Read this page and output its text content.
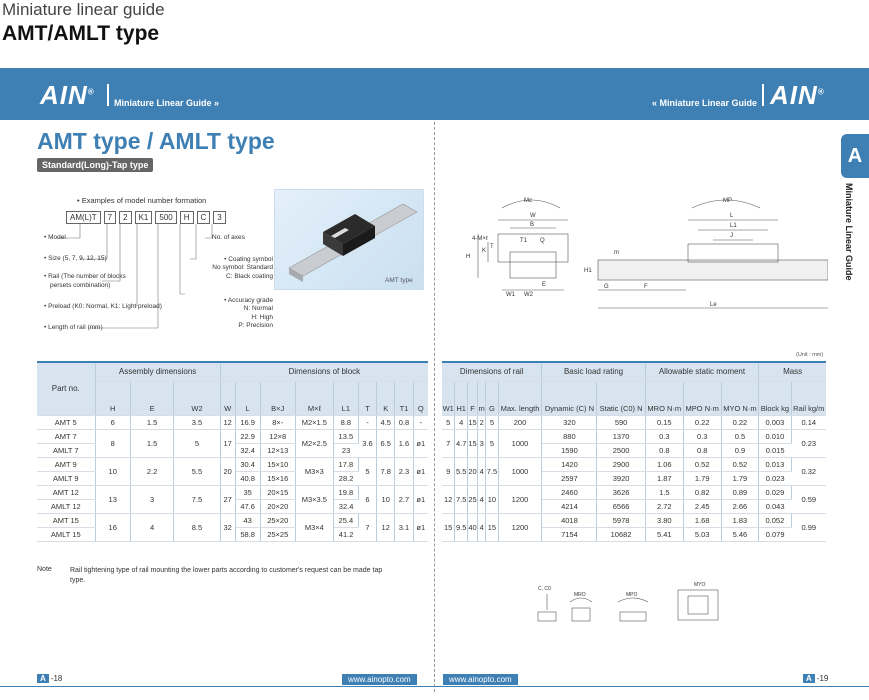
Miniature linear guide
AMT/AMLT type
AIN®
Miniature Linear Guide »	« Miniature Linear Guide AIN®
A
Miniature Linear Guide
AMT type / AMLT type
Standard(Long)-Tap type
• Examples of model number formation
AM(L)T	7	2	K1	500	H	C	3
• Model
• Size (5, 7, 9, 12, 15)
• Rail (The number of blocks
persets combination)
• Preload (K0: Normal, K1: Light preload)
• Length of rail (mm)
No. of axes
• Coating symbol
No symbol: Standard
C: Black coating
• Accuracy grade
N: Normal
H: High
P: Precision
AMT type
Mc	MP
W
B
T1 Q
4-M×ℓ
H
K
T
H1
W1 W2
E
L
L1
J
m
G	F
Le
(Unit : mm)
Part no.	Assembly dimensions			Dimensions of block								
	H	E	W2	W	L	B×J	M×ℓ	L1	T	K	T1	Q
AMT 5	6	1.5	3.5	12	16.9	8×-	M2×1.5	8.8	-	4.5	0.8	-
AMT 7	8	1.5	5	17	22.9	12×8	M2×2.5	13.5	3.6	6.5	1.6	ø1
AMLT 7					32.4	12×13		23				
AMT 9	10	2.2	5.5	20	30.4	15×10	M3×3	17.8	5	7.8	2.3	ø1
AMLT 9					40.8	15×16		28.2				
AMT 12	13	3	7.5	27	35	20×15	M3×3.5	19.8	6	10	2.7	ø1
AMLT 12					47.6	20×20		32.4				
AMT 15	16	4	8.5	32	43	25×20	M3×4	25.4	7	12	3.1	ø1
AMLT 15					58.8	25×25		41.2				
Dimensions of rail						Basic load rating		Allowable static moment			Mass	
W1	H1	F	m	G	Max. length	Dynamic (C) N	Static (C0) N	MRO N·m	MPO N·m	MYO N·m	Block kg	Rail kg/m
5	4	15	2	5	200	320	590	0.15	0.22	0.22	0.003	0.14
7	4.7	15	3	5	1000	880	1370	0.3	0.3	0.5	0.010	0.23
						1590	2500	0.8	0.8	0.9	0.015	
9	5.5	20	4	7.5	1000	1420	2900	1.06	0.52	0.52	0.013	0.32
						2597	3920	1.87	1.79	1.79	0.023	
12	7.5	25	4	10	1200	2460	3626	1.5	0.82	0.89	0.029	0.59
						4214	6566	2.72	2.45	2.66	0.043	
15	9.5	40	4	15	1200	4018	5978	3.80	1.68	1.83	0.052	0.99
						7154	10682	5.41	5.03	5.46	0.079	
Note	Rail tightening type of rail mounting the lower parts according to customer's request can be made tap type.
C, C0
MRO	MPO
MYO
A -18	www.ainopto.com	www.ainopto.com	A -19
